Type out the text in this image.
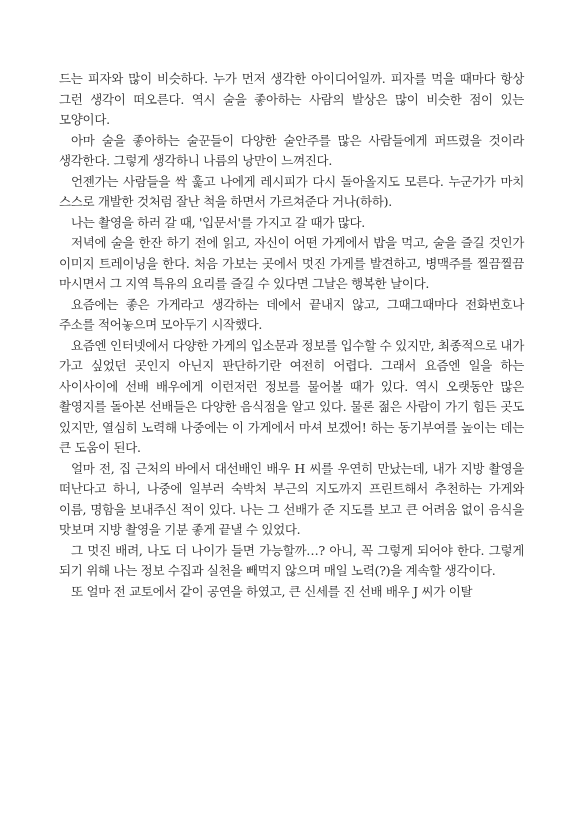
드는 피자와 많이 비슷하다. 누가 먼저 생각한 아이디어일까. 피자를 먹을 때마다 항상 그런 생각이 떠오른다. 역시 술을 좋아하는 사람의 발상은 많이 비슷한 점이 있는 모양이다.

아마 술을 좋아하는 술꾼들이 다양한 술안주를 많은 사람들에게 퍼뜨렸을 것이라 생각한다. 그렇게 생각하니 나름의 낭만이 느껴진다.

언젠가는 사람들을 싹 훑고 나에게 레시피가 다시 돌아올지도 모른다. 누군가가 마치 스스로 개발한 것처럼 잘난 척을 하면서 가르쳐준다 거나(하하).

나는 촬영을 하러 갈 때, '입문서'를 가지고 갈 때가 많다.

저녁에 술을 한잔 하기 전에 읽고, 자신이 어떤 가게에서 밥을 먹고, 술을 즐길 것인가 이미지 트레이닝을 한다. 처음 가보는 곳에서 멋진 가게를 발견하고, 병맥주를 찔끔찔끔 마시면서 그 지역 특유의 요리를 즐길 수 있다면 그날은 행복한 날이다.

요즘에는 좋은 가게라고 생각하는 데에서 끝내지 않고, 그때그때마다 전화번호나 주소를 적어놓으며 모아두기 시작했다.

요즘엔 인터넷에서 다양한 가게의 입소문과 정보를 입수할 수 있지만, 최종적으로 내가 가고 싶었던 곳인지 아닌지 판단하기란 여전히 어렵다. 그래서 요즘엔 일을 하는 사이사이에 선배 배우에게 이런저런 정보를 물어볼 때가 있다. 역시 오랫동안 많은 촬영지를 돌아본 선배들은 다양한 음식점을 알고 있다. 물론 젊은 사람이 가기 힘든 곳도 있지만, 열심히 노력해 나중에는 이 가게에서 마셔 보겠어! 하는 동기부여를 높이는 데는 큰 도움이 된다.

얼마 전, 집 근처의 바에서 대선배인 배우 H 씨를 우연히 만났는데, 내가 지방 촬영을 떠난다고 하니, 나중에 일부러 숙박처 부근의 지도까지 프린트해서 추천하는 가게와 이름, 명함을 보내주신 적이 있다. 나는 그 선배가 준 지도를 보고 큰 어려움 없이 음식을 맛보며 지방 촬영을 기분 좋게 끝낼 수 있었다.

그 멋진 배려, 나도 더 나이가 들면 가능할까…? 아니, 꼭 그렇게 되어야 한다. 그렇게 되기 위해 나는 정보 수집과 실천을 빼먹지 않으며 매일 노력(?)을 계속할 생각이다.

또 얼마 전 교토에서 같이 공연을 하였고, 큰 신세를 진 선배 배우 J 씨가 이탈
